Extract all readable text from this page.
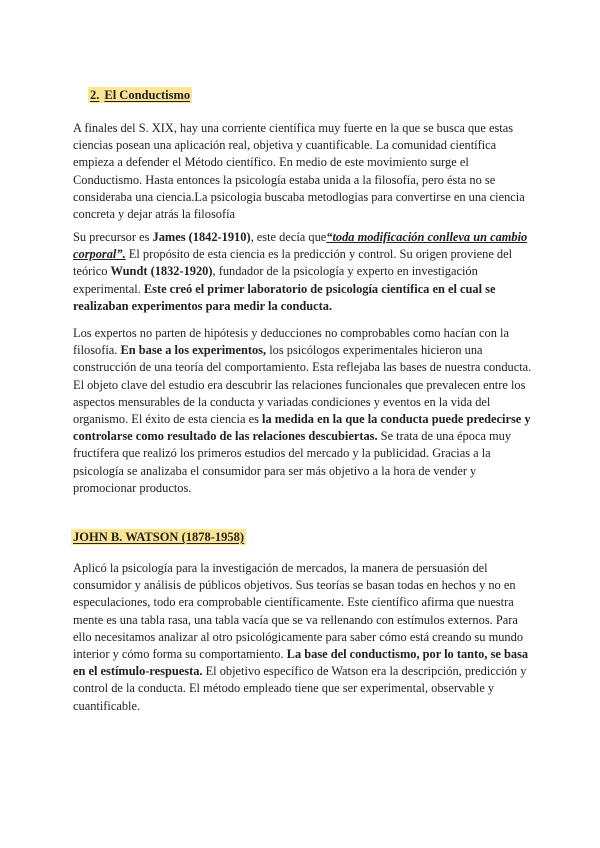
2. El Conductismo

A finales del S. XIX, hay una corriente científica muy fuerte en la que se busca que estas ciencias posean una aplicación real, objetiva y cuantificable. La comunidad científica empieza a defender el Método científico. En medio de este movimiento surge el Conductismo. Hasta entonces la psicología estaba unida a la filosofía, pero ésta no se consideraba una ciencia.La psicologia buscaba metodlogias para convertirse en una ciencia concreta y dejar atrás la filosofía

Su precursor es James (1842-1910), este decía que“toda modificación conlleva un cambio corporal”. El propósito de esta ciencia es la predicción y control. Su origen proviene del teórico Wundt (1832-1920), fundador de la psicología y experto en investigación experimental. Este creó el primer laboratorio de psicología científica en el cual se realizaban experimentos para medir la conducta.

Los expertos no parten de hipótesis y deducciones no comprobables como hacían con la filosofía. En base a los experimentos, los psicólogos experimentales hicieron una construcción de una teoría del comportamiento. Esta reflejaba las bases de nuestra conducta. El objeto clave del estudio era descubrir las relaciones funcionales que prevalecen entre los aspectos mensurables de la conducta y variadas condiciones y eventos en la vida del organismo. El éxito de esta ciencia es la medida en la que la conducta puede predecirse y controlarse como resultado de las relaciones descubiertas. Se trata de una época muy fructífera que realizó los primeros estudios del mercado y la publicidad. Gracias a la psicología se analizaba el consumidor para ser más objetivo a la hora de vender y promocionar productos.

JOHN B. WATSON (1878-1958)

Aplicó la psicología para la investigación de mercados, la manera de persuasión del consumidor y análisis de públicos objetivos. Sus teorías se basan todas en hechos y no en especulaciones, todo era comprobable científicamente. Este científico afirma que nuestra mente es una tabla rasa, una tabla vacía que se va rellenando con estímulos externos. Para ello necesitamos analizar al otro psicológicamente para saber cómo está creando su mundo interior y cómo forma su comportamiento. La base del conductismo, por lo tanto, se basa en el estímulo-respuesta. El objetivo específico de Watson era la descripción, predicción y control de la conducta. El método empleado tiene que ser experimental, observable y cuantificable.
